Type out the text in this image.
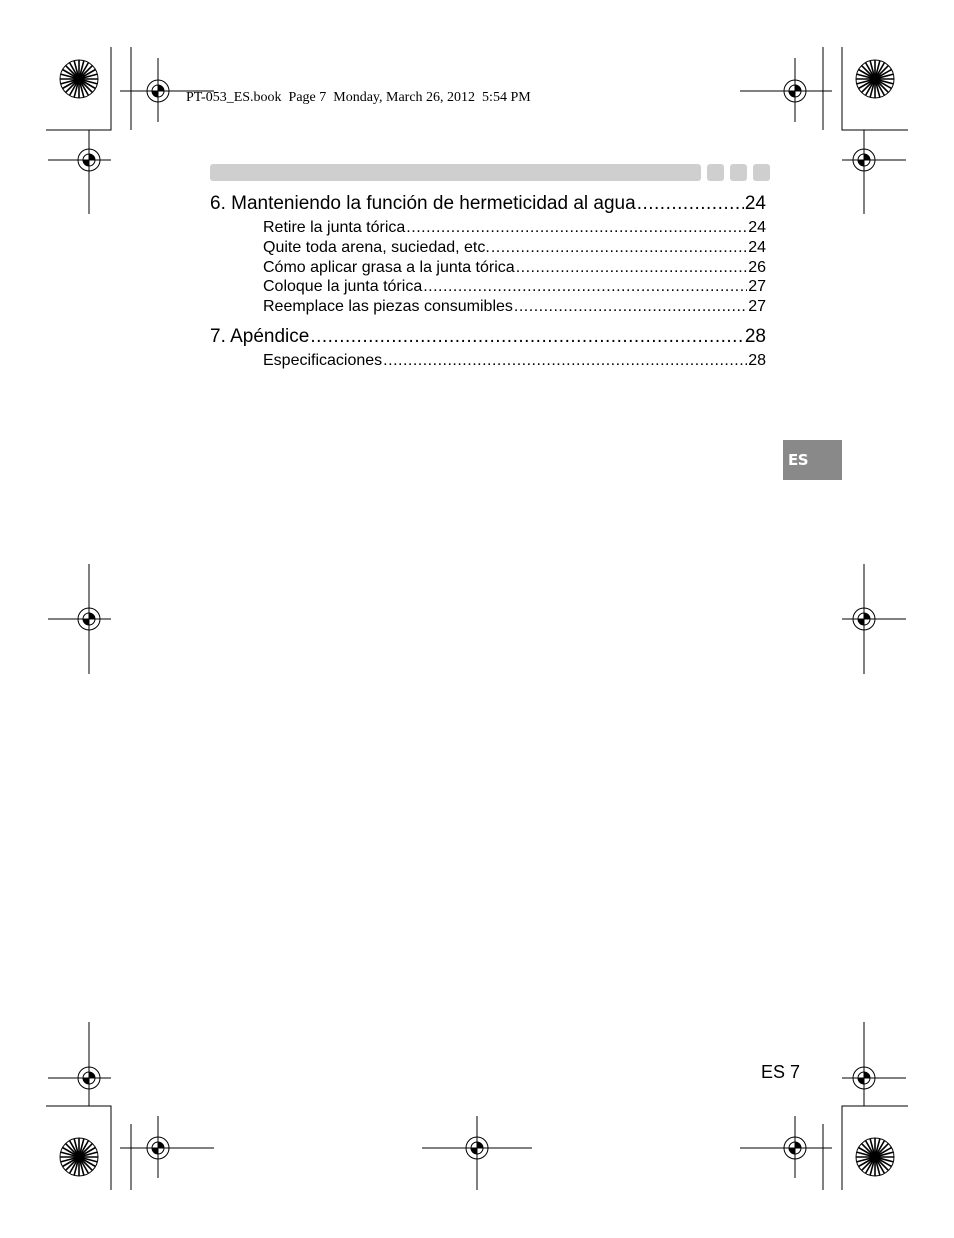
PT-053_ES.book  Page 7  Monday, March 26, 2012  5:54 PM
6. Manteniendo la función de hermeticidad al agua .....	24
Retire la junta tórica .....	24
Quite toda arena, suciedad, etc. .....	24
Cómo aplicar grasa a la junta tórica .....	26
Coloque la junta tórica .....	27
Reemplace las piezas consumibles .....	27
7. Apéndice .....	28
Especificaciones .....	28
ES
ES 7
